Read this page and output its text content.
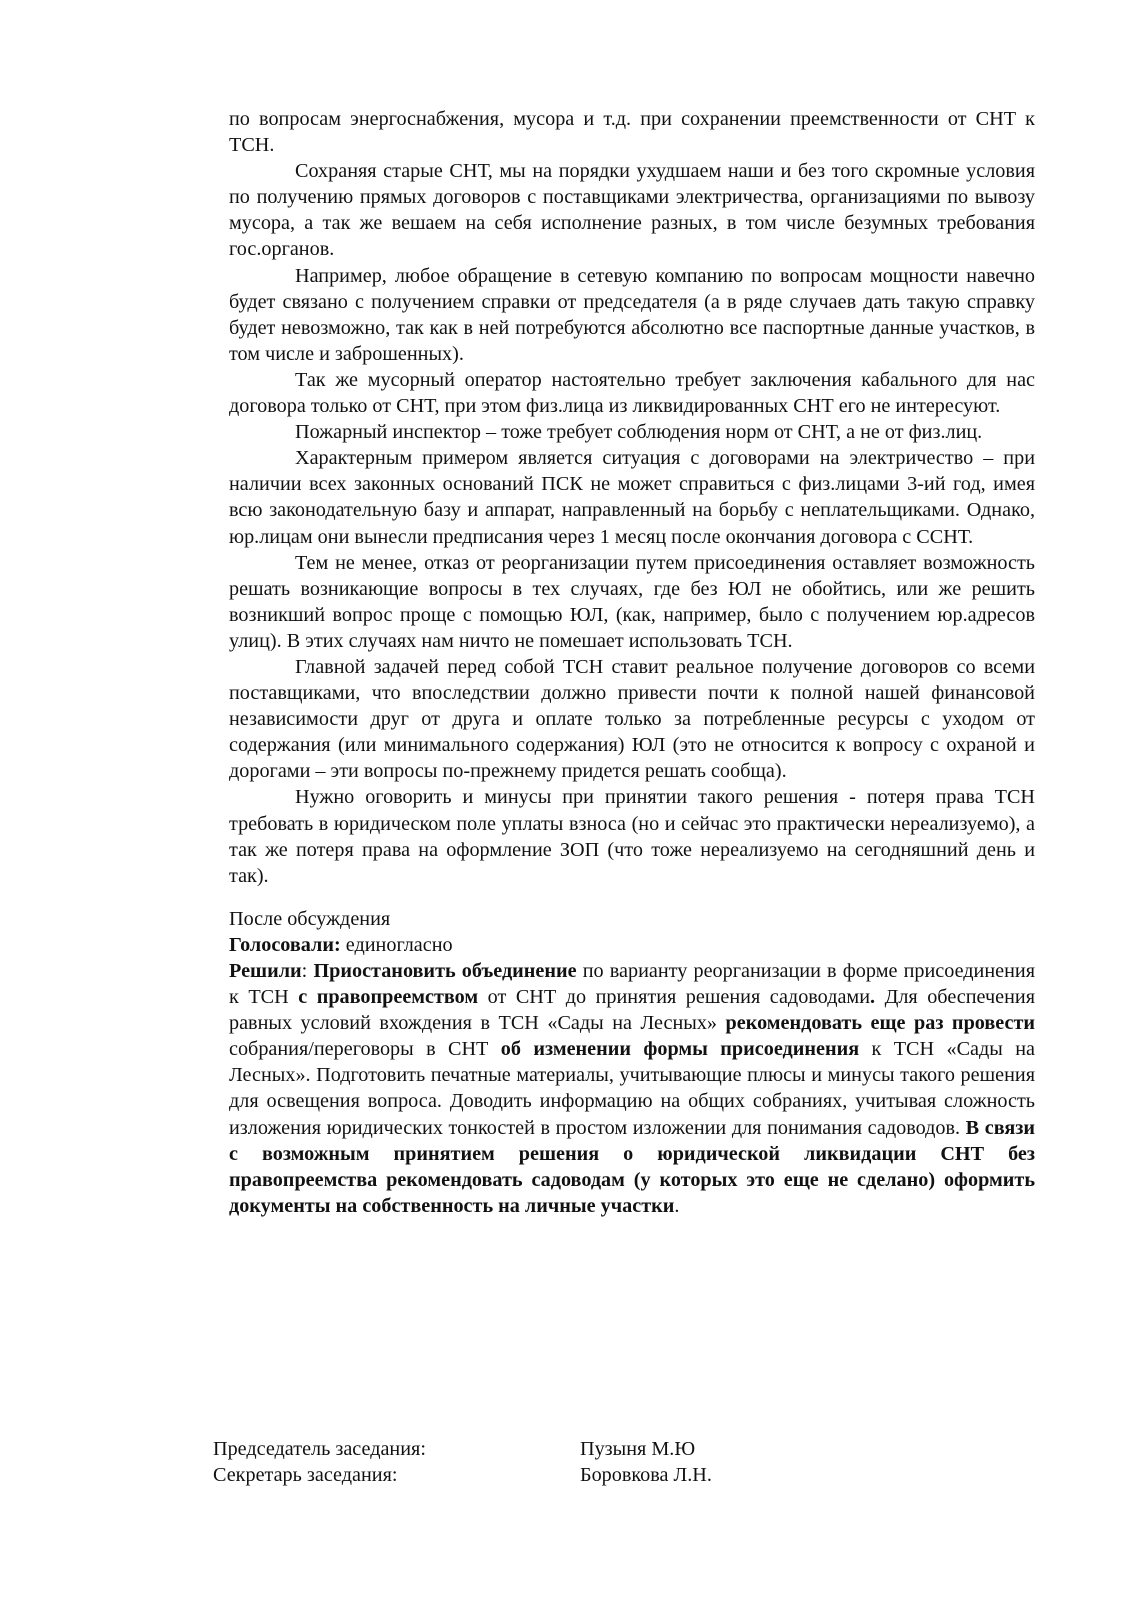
по вопросам энергоснабжения, мусора и т.д. при сохранении преемственности от СНТ к ТСН.

Сохраняя старые СНТ, мы на порядки ухудшаем наши и без того скромные условия по получению прямых договоров с поставщиками электричества, организациями по вывозу мусора, а так же вешаем на себя исполнение разных, в том числе безумных требования гос.органов.

Например, любое обращение в сетевую компанию по вопросам мощности навечно будет связано с получением справки от председателя (а в ряде случаев дать такую справку будет невозможно, так как в ней потребуются абсолютно все паспортные данные участков, в том числе и заброшенных).

Так же мусорный оператор настоятельно требует заключения кабального для нас договора только от СНТ, при этом физ.лица из ликвидированных СНТ его не интересуют.

Пожарный инспектор – тоже требует соблюдения норм от СНТ, а не от физ.лиц.

Характерным примером является ситуация с договорами на электричество – при наличии всех законных оснований ПСК не может справиться с физ.лицами 3-ий год, имея всю законодательную базу и аппарат, направленный на борьбу с неплательщиками. Однако, юр.лицам они вынесли предписания через 1 месяц после окончания договора с ССНТ.

Тем не менее, отказ от реорганизации путем присоединения оставляет возможность решать возникающие вопросы в тех случаях, где без ЮЛ не обойтись, или же решить возникший вопрос проще с помощью ЮЛ, (как, например, было с получением юр.адресов улиц). В этих случаях нам ничто не помешает использовать ТСН.

Главной задачей перед собой ТСН ставит реальное получение договоров со всеми поставщиками, что впоследствии должно привести почти к полной нашей финансовой независимости друг от друга и оплате только за потребленные ресурсы с уходом от содержания (или минимального содержания) ЮЛ (это не относится к вопросу с охраной и дорогами – эти вопросы по-прежнему придется решать сообща).

Нужно оговорить и минусы при принятии такого решения - потеря права ТСН требовать в юридическом поле уплаты взноса (но и сейчас это практически нереализуемо), а так же потеря права на оформление ЗОП (что тоже нереализуемо на сегодняшний день и так).

После обсуждения

Голосовали: единогласно

Решили: Приостановить объединение по варианту реорганизации в форме присоединения к ТСН с правопреемством от СНТ до принятия решения садоводами. Для обеспечения равных условий вхождения в ТСН «Сады на Лесных» рекомендовать еще раз провести собрания/переговоры в СНТ об изменении формы присоединения к ТСН «Сады на Лесных». Подготовить печатные материалы, учитывающие плюсы и минусы такого решения для освещения вопроса. Доводить информацию на общих собраниях, учитывая сложность изложения юридических тонкостей в простом изложении для понимания садоводов. В связи с возможным принятием решения о юридической ликвидации СНТ без правопреемства рекомендовать садоводам (у которых это еще не сделано) оформить документы на собственность на личные участки.

Председатель заседания:	Пузыня М.Ю
Секретарь заседания:	Боровкова Л.Н.
